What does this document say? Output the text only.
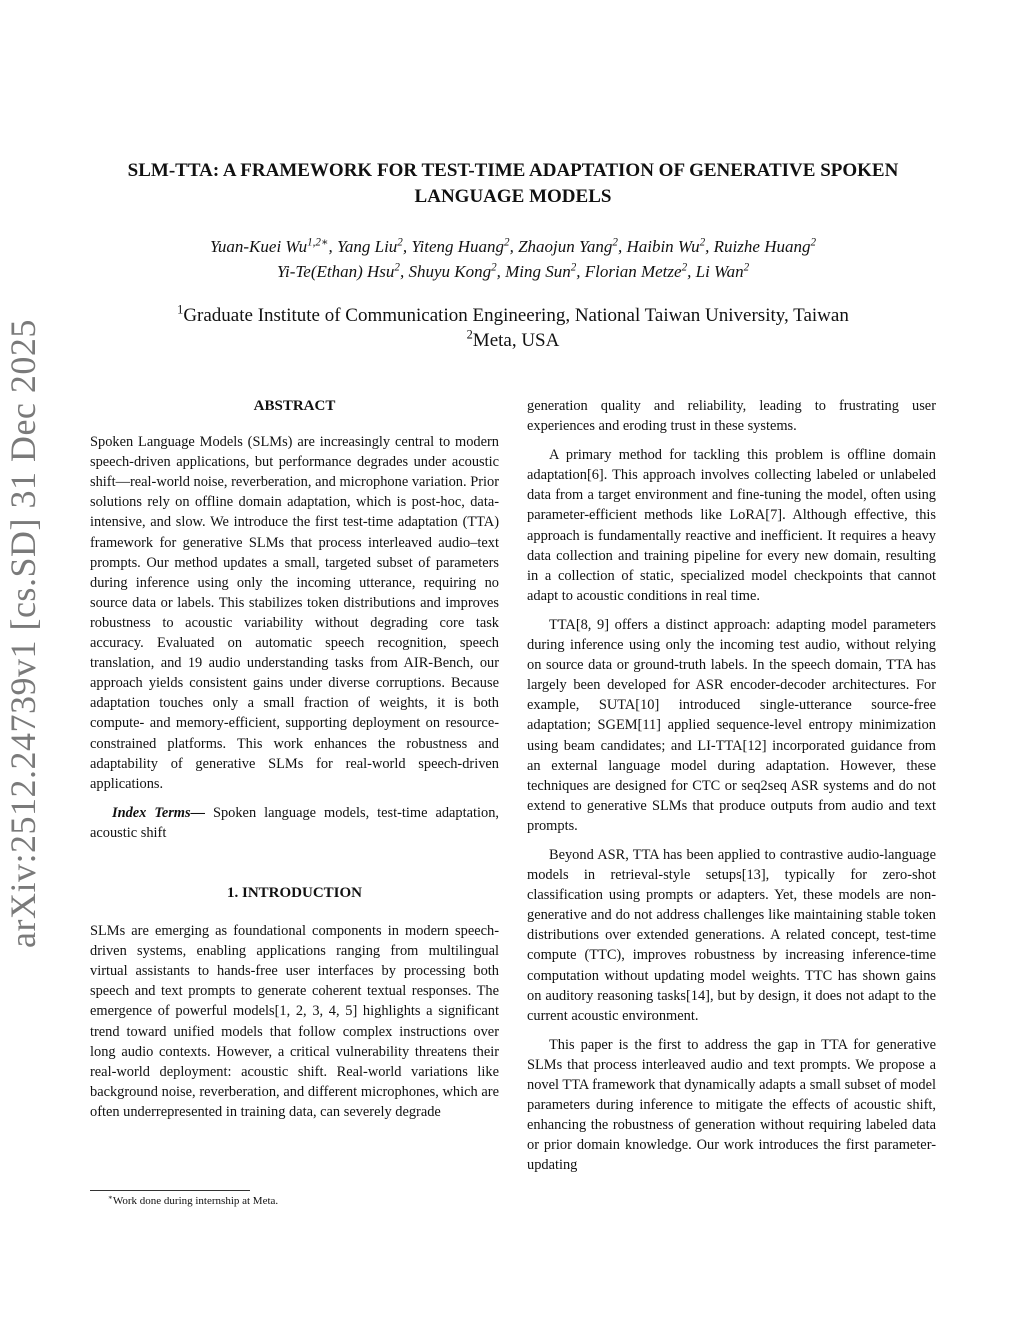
arXiv:2512.24739v1 [cs.SD] 31 Dec 2025
SLM-TTA: A FRAMEWORK FOR TEST-TIME ADAPTATION OF GENERATIVE SPOKEN
LANGUAGE MODELS
Yuan-Kuei $Wu^{1,2∗}$, Yang Liu$^2$, Yiteng Huang$^2$, Zhaojun Yang$^2$, Haibin Wu$^2$, Ruizhe Huang$^2$
Yi-Te(Ethan) Hsu$^2$, Shuyu Kong$^2$, Ming Sun$^2$, Florian Metze$^2$, Li Wan$^2$
$^1$Graduate Institute of Communication Engineering, National Taiwan University, Taiwan
$^2$Meta, USA
ABSTRACT

Spoken Language Models (SLMs) are increasingly central to modern speech-driven applications, but performance degrades under acoustic shift—real-world noise, reverberation, and microphone variation. Prior solutions rely on offline domain adaptation, which is post-hoc, data-intensive, and slow. We introduce the first test-time adaptation (TTA) framework for generative SLMs that process interleaved audio–text prompts. Our method updates a small, targeted subset of parameters during inference using only the incoming utterance, requiring no source data or labels. This stabilizes token distributions and improves robustness to acoustic variability without degrading core task accuracy. Evaluated on automatic speech recognition, speech translation, and 19 audio understanding tasks from AIR-Bench, our approach yields consistent gains under diverse corruptions. Because adaptation touches only a small fraction of weights, it is both compute- and memory-efficient, supporting deployment on resource-constrained platforms. This work enhances the robustness and adaptability of generative SLMs for real-world speech-driven applications.

Index Terms— Spoken language models, test-time adaptation, acoustic shift

1. INTRODUCTION

SLMs are emerging as foundational components in modern speech-driven systems, enabling applications ranging from multilingual virtual assistants to hands-free user interfaces by processing both speech and text prompts to generate coherent textual responses. The emergence of powerful models[1, 2, 3, 4, 5] highlights a significant trend toward unified models that follow complex instructions over long audio contexts. However, a critical vulnerability threatens their real-world deployment: acoustic shift. Real-world variations like background noise, reverberation, and different microphones, which are often underrepresented in training data, can severely degrade

generation quality and reliability, leading to frustrating user experiences and eroding trust in these systems.

A primary method for tackling this problem is offline domain adaptation[6]. This approach involves collecting labeled or unlabeled data from a target environment and fine-tuning the model, often using parameter-efficient methods like LoRA[7]. Although effective, this approach is fundamentally reactive and inefficient. It requires a heavy data collection and training pipeline for every new domain, resulting in a collection of static, specialized model checkpoints that cannot adapt to acoustic conditions in real time.

TTA[8, 9] offers a distinct approach: adapting model parameters during inference using only the incoming test audio, without relying on source data or ground-truth labels. In the speech domain, TTA has largely been developed for ASR encoder-decoder architectures. For example, SUTA[10] introduced single-utterance source-free adaptation; SGEM[11] applied sequence-level entropy minimization using beam candidates; and LI-TTA[12] incorporated guidance from an external language model during adaptation. However, these techniques are designed for CTC or seq2seq ASR systems and do not extend to generative SLMs that produce outputs from audio and text prompts.

Beyond ASR, TTA has been applied to contrastive audio-language models in retrieval-style setups[13], typically for zero-shot classification using prompts or adapters. Yet, these models are non-generative and do not address challenges like maintaining stable token distributions over extended generations. A related concept, test-time compute (TTC), improves robustness by increasing inference-time computation without updating model weights. TTC has shown gains on auditory reasoning tasks[14], but by design, it does not adapt to the current acoustic environment.

This paper is the first to address the gap in TTA for generative SLMs that process interleaved audio and text prompts. We propose a novel TTA framework that dynamically adapts a small subset of model parameters during inference to mitigate the effects of acoustic shift, enhancing the robustness of generation without requiring labeled data or prior domain knowledge. Our work introduces the first parameter-updating

∗Work done during internship at Meta.
